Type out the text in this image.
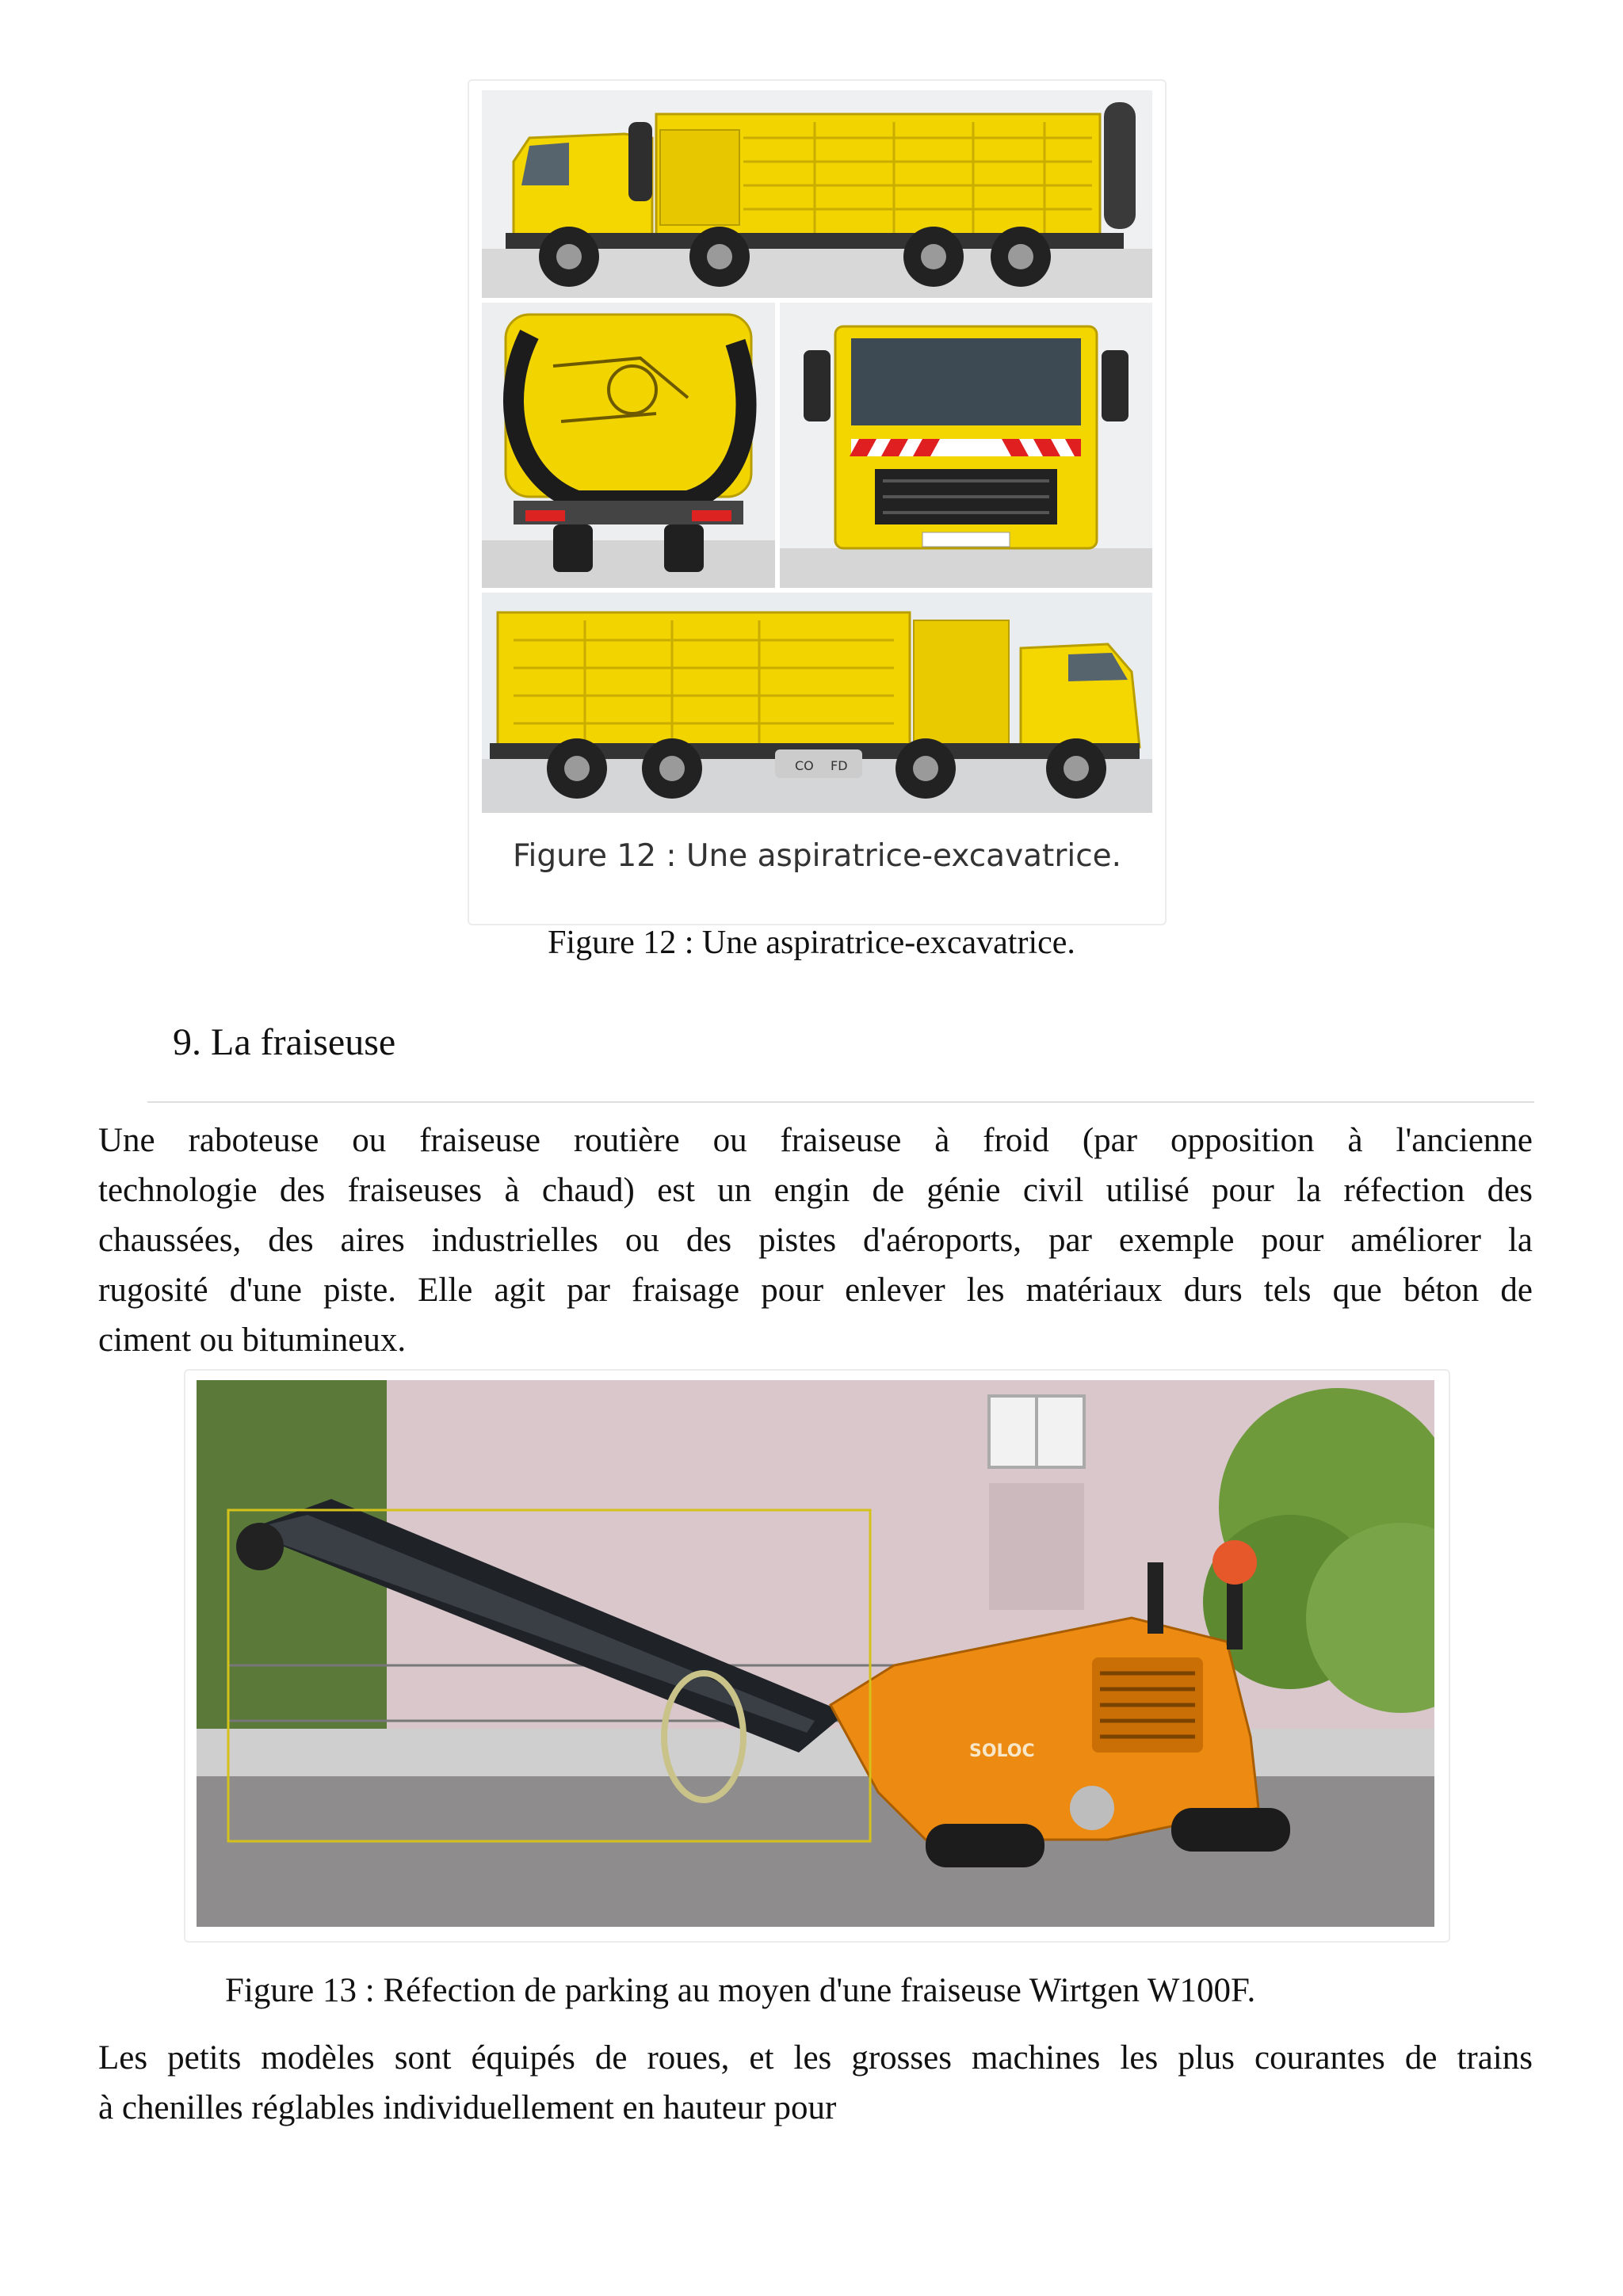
CO FD
Figure 12 : Une aspiratrice-excavatrice.
Figure 12 : Une aspiratrice-excavatrice.
9. La fraiseuse
Une raboteuse ou fraiseuse routière ou fraiseuse à froid (par opposition à l'ancienne
technologie des fraiseuses à chaud) est un engin de génie civil utilisé pour la réfection des
chaussées, des aires industrielles ou des pistes d'aéroports, par exemple pour améliorer la
rugosité d'une piste. Elle agit par fraisage pour enlever les matériaux durs tels que béton de
ciment ou bitumineux.
SOLOC
Figure 13 : Réfection de parking au moyen d'une fraiseuse Wirtgen W100F.
Les petits modèles sont équipés de roues, et les grosses machines les plus courantes de trains
à chenilles réglables individuellement en hauteur pour
